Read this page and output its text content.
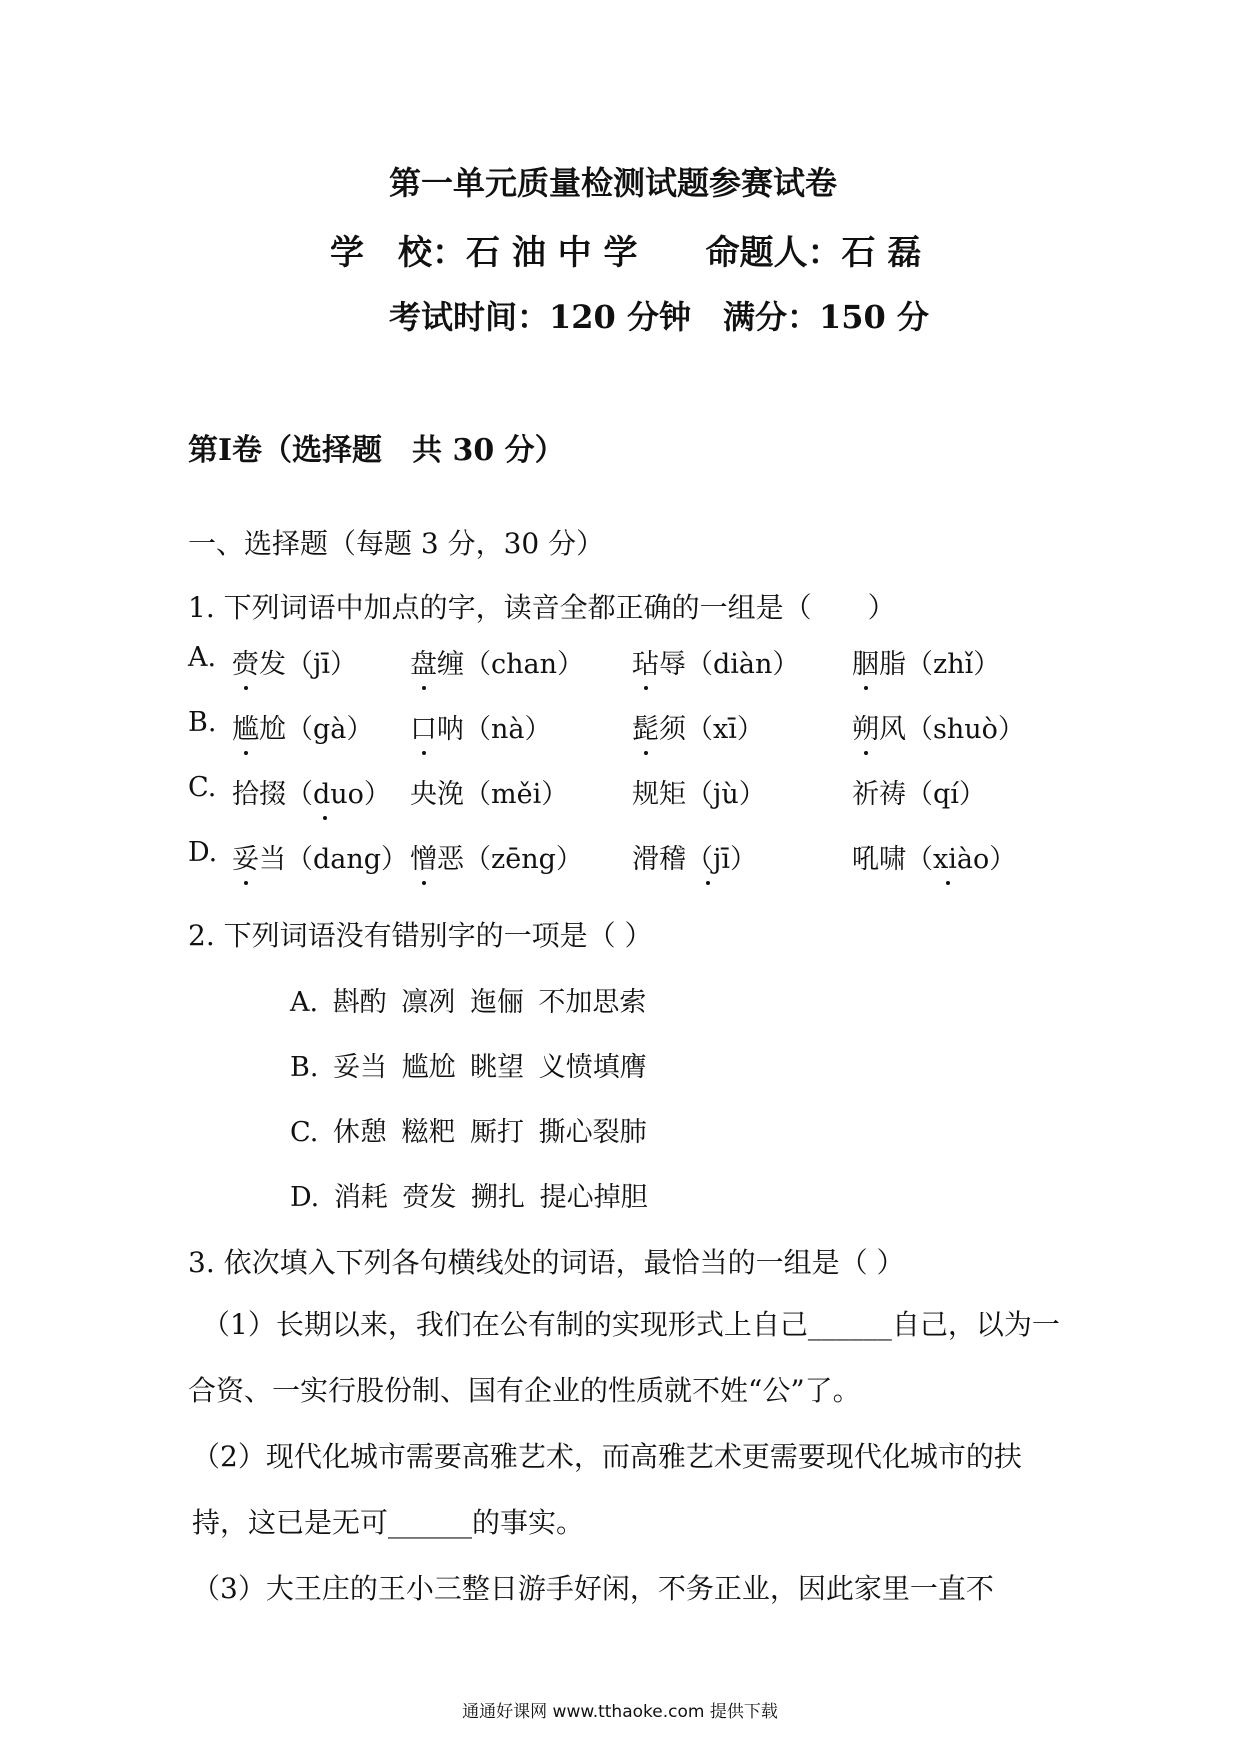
第一单元质量检测试题参赛试卷
学　校：石 油 中 学　　命题人：石 磊
考试时间：120 分钟　满分：150 分
第Ⅰ卷（选择题　共 30 分）
一、选择题（每题 3 分，30 分）
1. 下列词语中加点的字，读音全都正确的一组是（　　）
A. 赍发（jī） 盘缠（chan） 玷辱（diàn） 胭脂（zhǐ）
B. 尴尬（gà） 口呐（nà）	髭须（xī）	朔风（shuò）
C. 拾掇（duo） 央浼（měi） 规矩（jù）	祈祷（qí）
D. 妥当（dang） 憎恶（zēng） 滑稽（jī）	吼啸（xiào）
2. 下列词语没有错别字的一项是（ ）
A. 斟酌 凛冽 迤俪 不加思索
B. 妥当 尴尬 眺望 义愤填膺
C. 休憩 糍粑 厮打 撕心裂肺
D. 消耗 赍发 搠扎 提心掉胆
3. 依次填入下列各句横线处的词语，最恰当的一组是（ ）
（1）长期以来，我们在公有制的实现形式上自己______自己，以为一合资、一实行股份制、国有企业的性质就不姓“公”了。
（2）现代化城市需要高雅艺术，而高雅艺术更需要现代化城市的扶持，这已是无可______的事实。
（3）大王庄的王小三整日游手好闲，不务正业，因此家里一直不
通通好课网 www.tthaoke.com 提供下载
